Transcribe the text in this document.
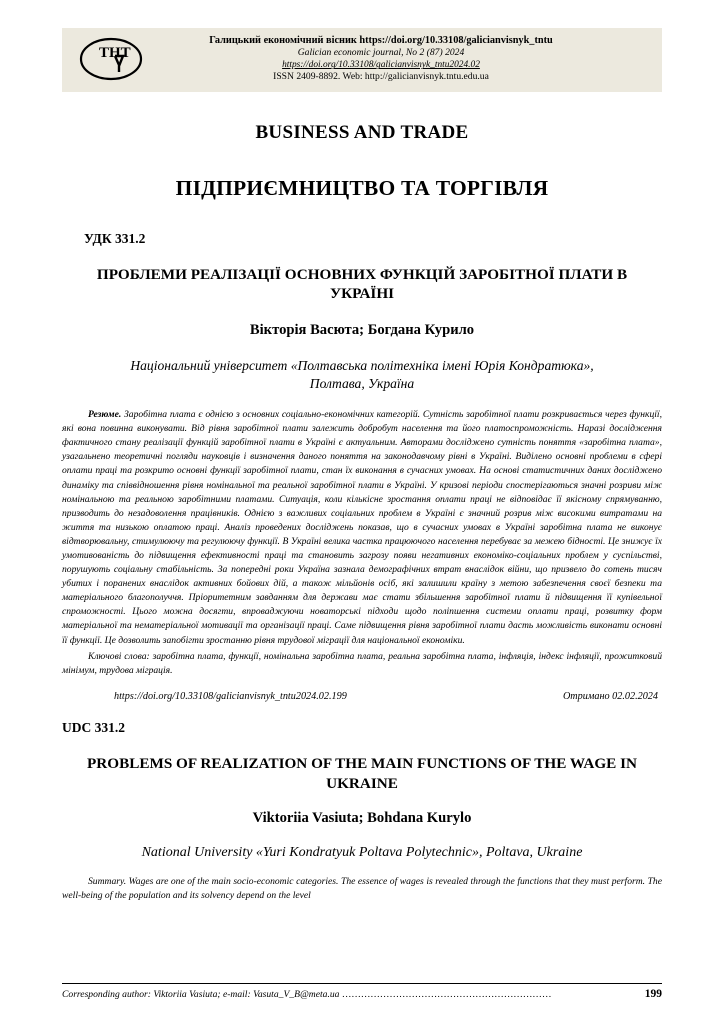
ТНТ
Галицький економічний вісник https://doi.org/10.33108/galicianvisnyk_tntu
Galician economic journal, No 2 (87) 2024
https://doi.org/10.33108/galicianvisnyk_tntu2024.02
ISSN 2409-8892. Web: http://galicianvisnyk.tntu.edu.ua
BUSINESS AND TRADE
ПІДПРИЄМНИЦТВО ТА ТОРГІВЛЯ
УДК 331.2
ПРОБЛЕМИ РЕАЛІЗАЦІЇ ОСНОВНИХ ФУНКЦІЙ ЗАРОБІТНОЇ ПЛАТИ В УКРАЇНІ
Вікторія Васюта; Богдана Курило
Національний університет «Полтавська політехніка імені Юрія Кондратюка», Полтава, Україна
Резюме. Заробітна плата є однією з основних соціально-економічних категорій. Сутність заробітної плати розкривається через функції, які вона повинна виконувати. Від рівня заробітної плати залежить добробут населення та його платоспроможність. Наразі дослідження фактичного стану реалізації функцій заробітної плати в Україні є актуальним. Авторами досліджено сутність поняття «заробітна плата», узагальнено теоретичні погляди науковців і визначення даного поняття на законодавчому рівні в Україні. Виділено основні проблеми в сфері оплати праці та розкрито основні функції заробітної плати, стан їх виконання в сучасних умовах. На основі статистичних даних досліджено динаміку та співвідношення рівня номінальної та реальної заробітної плати в Україні. У кризові періоди спостерігаються значні розриви між номінальною та реальною заробітними платами. Ситуація, коли кількісне зростання оплати праці не відповідає її якісному спрямуванню, призводить до незадоволення працівників. Однією з важливих соціальних проблем в Україні є значний розрив між високими витратами на життя та низькою оплатою праці. Аналіз проведених досліджень показав, що в сучасних умовах в Україні заробітна плата не виконує відтворювальну, стимулюючу та регулюючу функції. В Україні велика частка працюючого населення перебуває за межею бідності. Це знижує їх умотивованість до підвищення ефективності праці та становить загрозу появи негативних економіко-соціальних проблем у суспільстві, порушують соціальну стабільність. За попередні роки Україна зазнала демографічних втрат внаслідок війни, що призвело до сотень тисяч убитих і поранених внаслідок активних бойових дій, а також мільйонів осіб, які залишили країну з метою забезпечення своєї безпеки та матеріального благополуччя. Пріоритетним завданням для держави має стати збільшення заробітної плати й підвищення її купівельної спроможності. Цього можна досягти, впроваджуючи новаторські підходи щодо поліпшення системи оплати праці, розвитку форм матеріальної та нематеріальної мотивації та організації праці. Саме підвищення рівня заробітної плати дасть можливість виконати основні її функції. Це дозволить запобігти зростанню рівня трудової міграції для національної економіки.
Ключові слова: заробітна плата, функції, номінальна заробітна плата, реальна заробітна плата, інфляція, індекс інфляції, прожитковий мінімум, трудова міграція.
https://doi.org/10.33108/galicianvisnyk_tntu2024.02.199	Отримано 02.02.2024
UDC 331.2
PROBLEMS OF REALIZATION OF THE MAIN FUNCTIONS OF THE WAGE IN UKRAINE
Viktoriia Vasiuta; Bohdana Kurylo
National University «Yuri Kondratyuk Poltava Polytechnic», Poltava, Ukraine
Summary. Wages are one of the main socio-economic categories. The essence of wages is revealed through the functions that they must perform. The well-being of the population and its solvency depend on the level
Corresponding author: Viktoriia Vasiuta; e-mail: Vasuta_V_B@meta.ua …………………………………………………………	199
